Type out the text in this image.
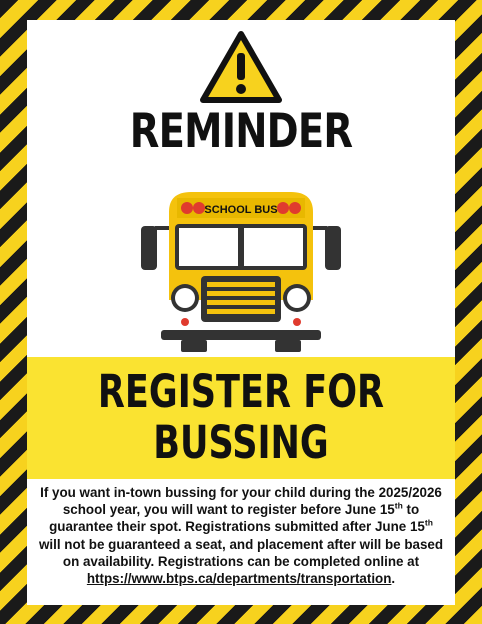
REMINDER
SCHOOL BUS
REGISTER FOR
BUSSING
If you want in-town bussing for your child during the 2025/2026 school year, you will want to register before June 15th to guarantee their spot. Registrations submitted after June 15th will not be guaranteed a seat, and placement after will be based on availability. Registrations can be completed online at https://www.btps.ca/departments/transportation.
